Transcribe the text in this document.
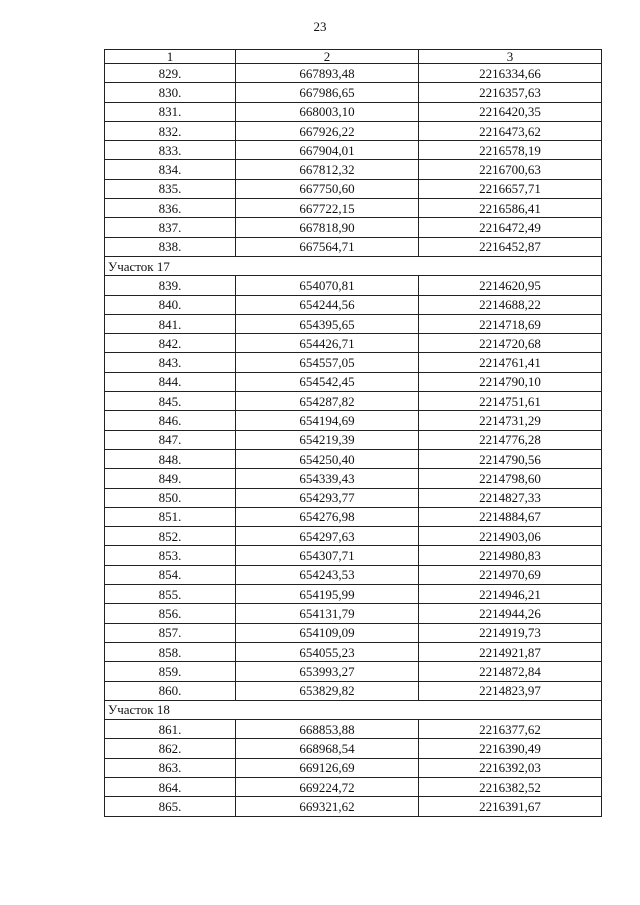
23
1	2	3
829.	667893,48	2216334,66
830.	667986,65	2216357,63
831.	668003,10	2216420,35
832.	667926,22	2216473,62
833.	667904,01	2216578,19
834.	667812,32	2216700,63
835.	667750,60	2216657,71
836.	667722,15	2216586,41
837.	667818,90	2216472,49
838.	667564,71	2216452,87
Участок 17		
839.	654070,81	2214620,95
840.	654244,56	2214688,22
841.	654395,65	2214718,69
842.	654426,71	2214720,68
843.	654557,05	2214761,41
844.	654542,45	2214790,10
845.	654287,82	2214751,61
846.	654194,69	2214731,29
847.	654219,39	2214776,28
848.	654250,40	2214790,56
849.	654339,43	2214798,60
850.	654293,77	2214827,33
851.	654276,98	2214884,67
852.	654297,63	2214903,06
853.	654307,71	2214980,83
854.	654243,53	2214970,69
855.	654195,99	2214946,21
856.	654131,79	2214944,26
857.	654109,09	2214919,73
858.	654055,23	2214921,87
859.	653993,27	2214872,84
860.	653829,82	2214823,97
Участок 18		
861.	668853,88	2216377,62
862.	668968,54	2216390,49
863.	669126,69	2216392,03
864.	669224,72	2216382,52
865.	669321,62	2216391,67
